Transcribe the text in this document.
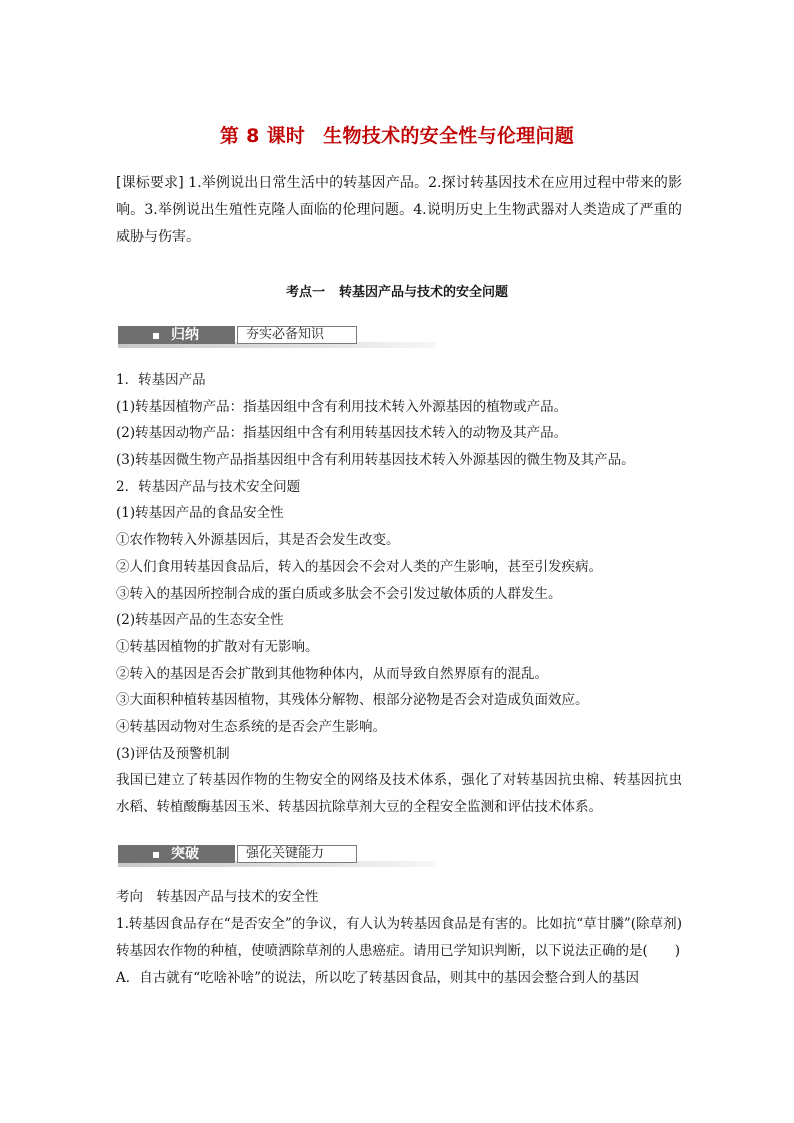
第 8 课时 生物技术的安全性与伦理问题
[课标要求] 1.举例说出日常生活中的转基因产品。2.探讨转基因技术在应用过程中带来的影响。3.举例说出生殖性克隆人面临的伦理问题。4.说明历史上生物武器对人类造成了严重的威胁与伤害。
考点一 转基因产品与技术的安全问题
归纳	夯实必备知识
1．转基因产品
(1)转基因植物产品：指基因组中含有利用技术转入外源基因的植物或产品。
(2)转基因动物产品：指基因组中含有利用转基因技术转入的动物及其产品。
(3)转基因微生物产品指基因组中含有利用转基因技术转入外源基因的微生物及其产品。
2．转基因产品与技术安全问题
(1)转基因产品的食品安全性
①农作物转入外源基因后，其是否会发生改变。
②人们食用转基因食品后，转入的基因会不会对人类的产生影响，甚至引发疾病。
③转入的基因所控制合成的蛋白质或多肽会不会引发过敏体质的人群发生。
(2)转基因产品的生态安全性
①转基因植物的扩散对有无影响。
②转入的基因是否会扩散到其他物种体内，从而导致自然界原有的混乱。
③大面积种植转基因植物，其残体分解物、根部分泌物是否会对造成负面效应。
④转基因动物对生态系统的是否会产生影响。
(3)评估及预警机制
我国已建立了转基因作物的生物安全的网络及技术体系，强化了对转基因抗虫棉、转基因抗虫水稻、转植酸酶基因玉米、转基因抗除草剂大豆的全程安全监测和评估技术体系。
突破	强化关键能力
考向　转基因产品与技术的安全性
1.转基因食品存在“是否安全”的争议，有人认为转基因食品是有害的。比如抗“草甘膦”(除草剂)转基因农作物的种植，使喷洒除草剂的人患癌症。请用已学知识判断，以下说法正确的是(　　)
A．自古就有“吃啥补啥”的说法，所以吃了转基因食品，则其中的基因会整合到人的基因
